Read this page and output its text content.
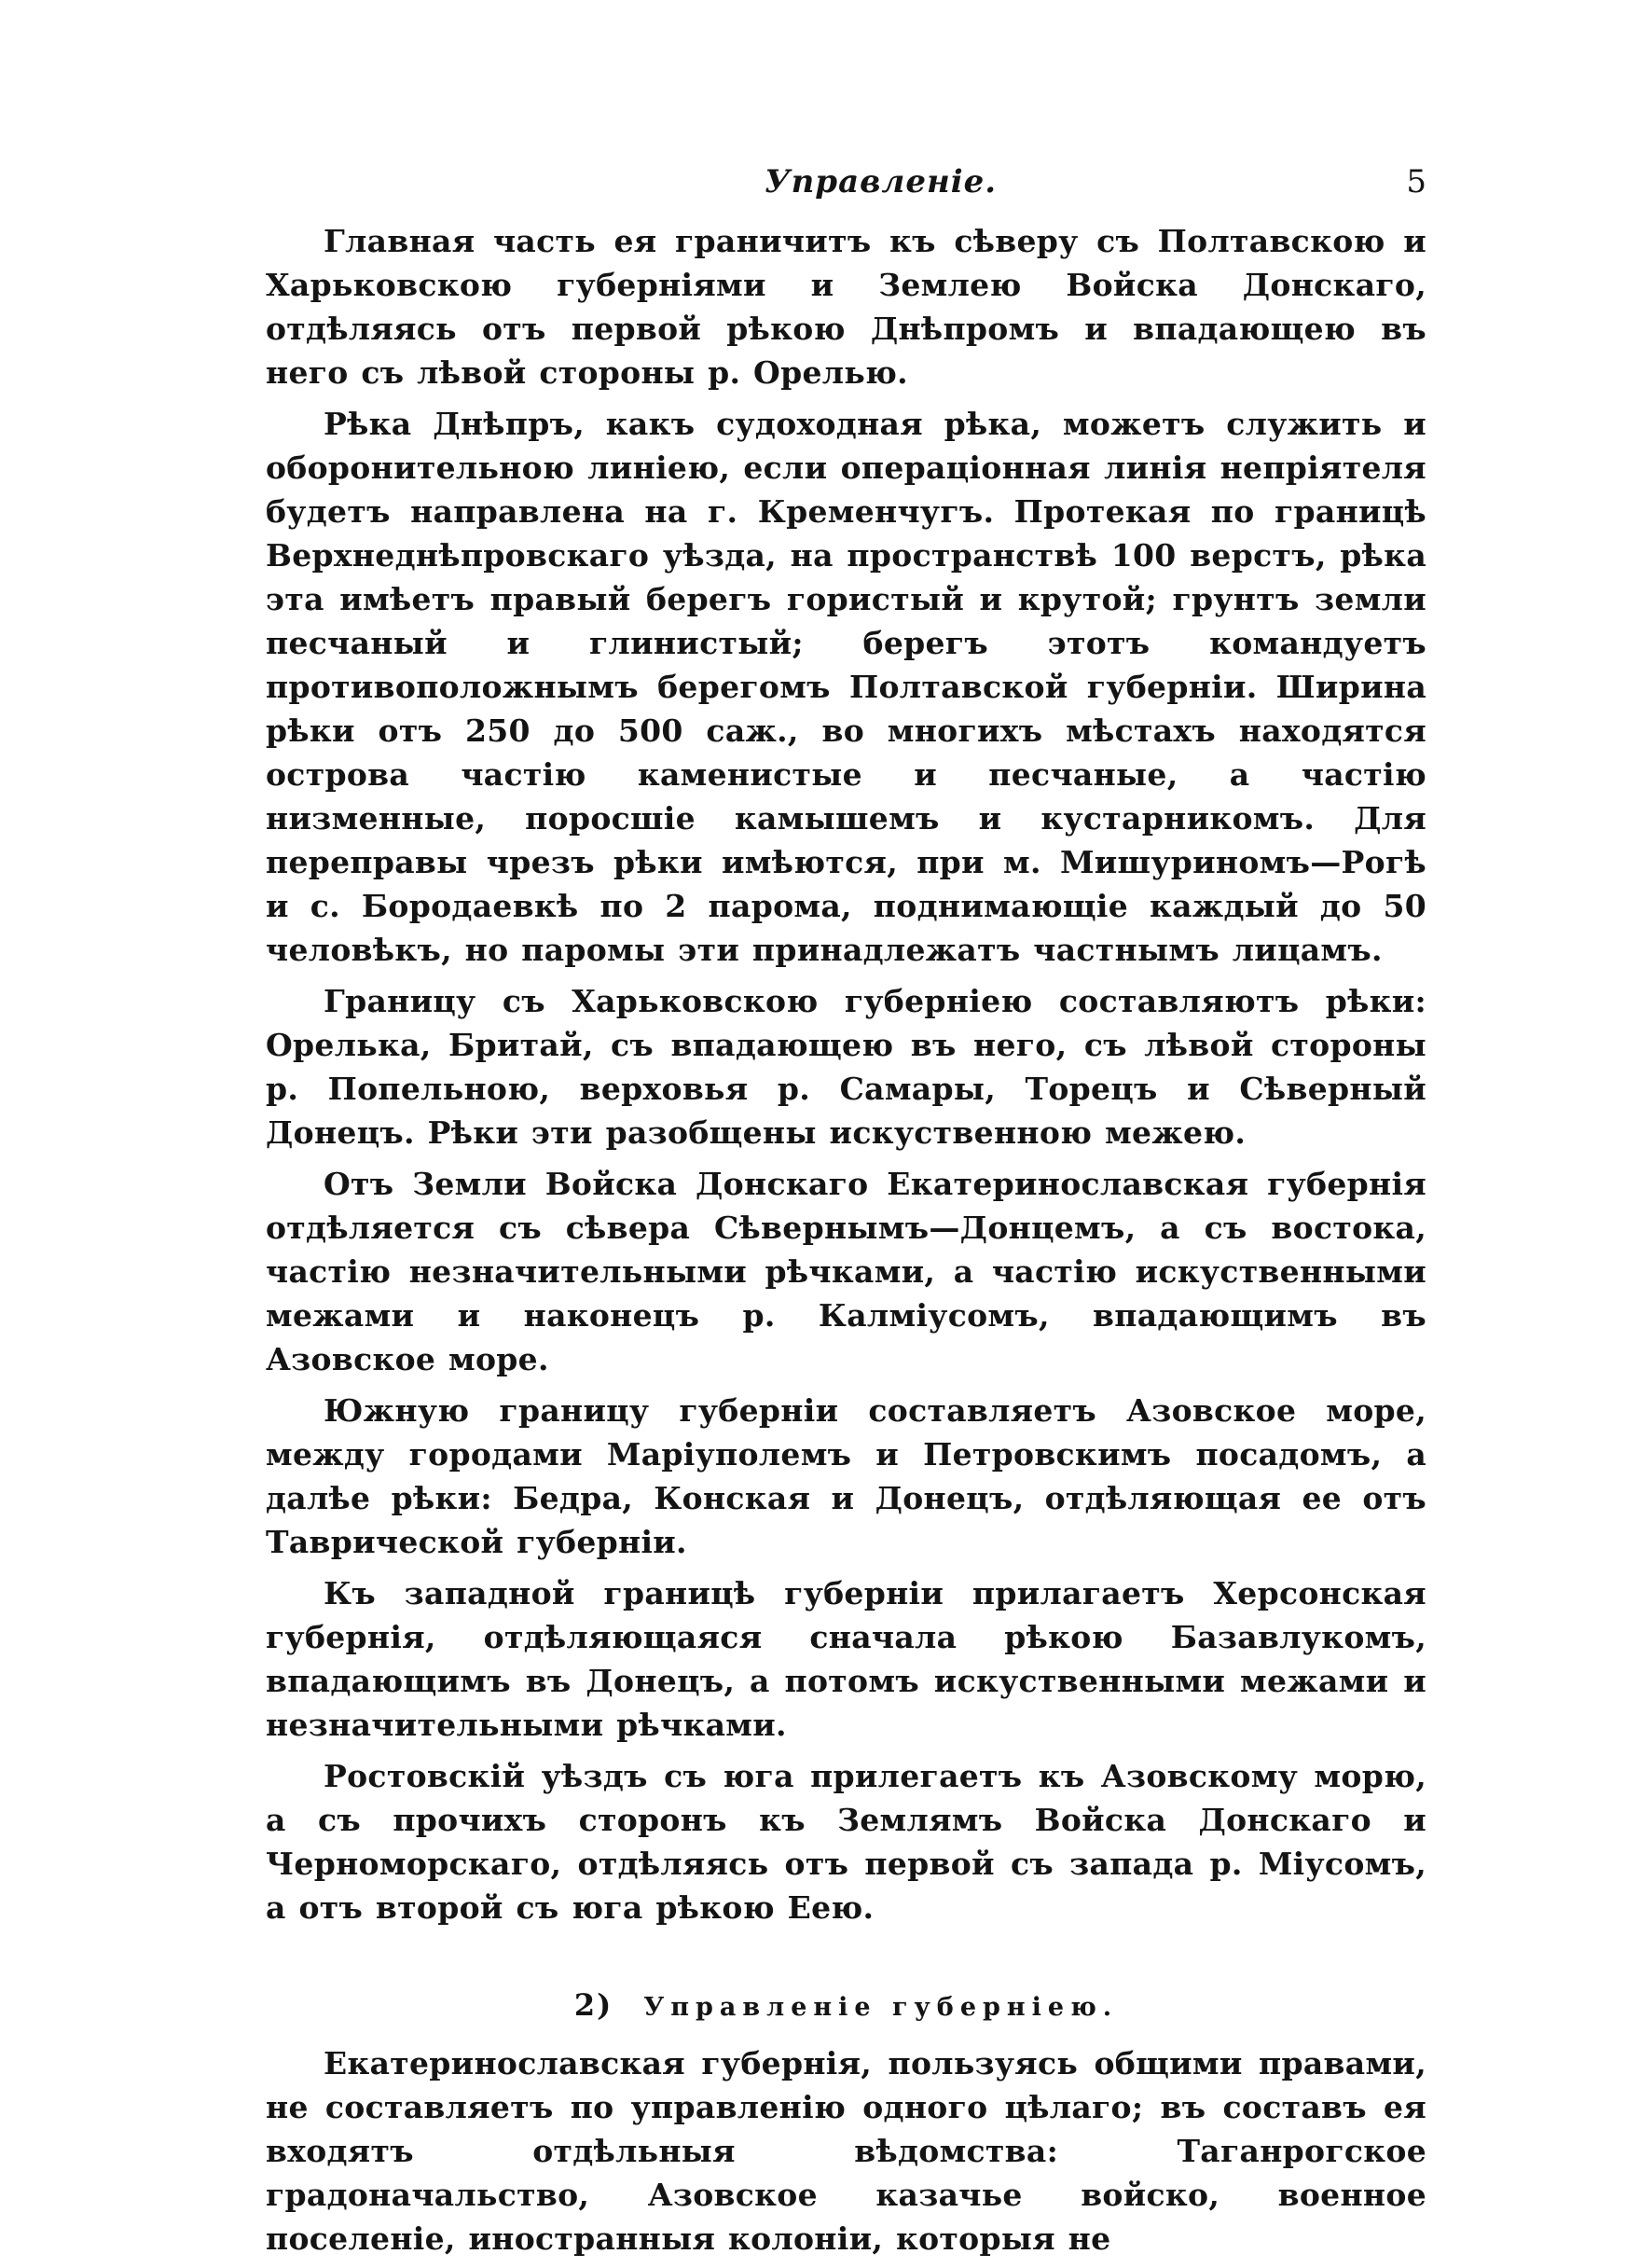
Управленіе.	5

Главная часть ея граничитъ къ сѣверу съ Полтавскою и Харьковскою губерніями и Землею Войска Донскаго, отдѣляясь отъ первой рѣкою Днѣпромъ и впадающею въ него съ лѣвой стороны р. Орелью.

Рѣка Днѣпръ, какъ судоходная рѣка, можетъ служить и оборонительною линіею, если операціонная линія непріятеля будетъ направлена на г. Кременчугъ. Протекая по границѣ Верхнеднѣпровскаго уѣзда, на пространствѣ 100 верстъ, рѣка эта имѣетъ правый берегъ гористый и крутой; грунтъ земли песчаный и глинистый; берегъ этотъ командуетъ противоположнымъ берегомъ Полтавской губерніи. Ширина рѣки отъ 250 до 500 саж., во многихъ мѣстахъ находятся острова частію каменистые и песчаные, а частію низменные, поросшіе камышемъ и кустарникомъ. Для переправы чрезъ рѣки имѣются, при м. Мишуриномъ—Рогѣ и с. Бородаевкѣ по 2 парома, поднимающіе каждый до 50 человѣкъ, но паромы эти принадлежатъ частнымъ лицамъ.

Границу съ Харьковскою губерніею составляютъ рѣки: Орелька, Бритай, съ впадающею въ него, съ лѣвой стороны р. Попельною, верховья р. Самары, Торецъ и Сѣверный Донецъ. Рѣки эти разобщены искуственною межею.

Отъ Земли Войска Донскаго Екатеринославская губернія отдѣляется съ сѣвера Сѣвернымъ—Донцемъ, а съ востока, частію незначительными рѣчками, а частію искуственными межами и наконецъ р. Калміусомъ, впадающимъ въ Азовское море.

Южную границу губерніи составляетъ Азовское море, между городами Маріуполемъ и Петровскимъ посадомъ, а далѣе рѣки: Бедра, Конская и Донецъ, отдѣляющая ее отъ Таврической губерніи.

Къ западной границѣ губерніи прилагаетъ Херсонская губернія, отдѣляющаяся сначала рѣкою Базавлукомъ, впадающимъ въ Донецъ, а потомъ искуственными межами и незначительными рѣчками.

Ростовскій уѣздъ съ юга прилегаетъ къ Азовскому морю, а съ прочихъ сторонъ къ Землямъ Войска Донскаго и Черноморскаго, отдѣляясь отъ первой съ запада р. Міусомъ, а отъ второй съ юга рѣкою Еею.

2) Управленіе губерніею.

Екатеринославская губернія, пользуясь общими правами, не составляетъ по управленію одного цѣлаго; въ составъ ея входятъ отдѣльныя вѣдомства: Таганрогское градоначальство, Азовское казачье войско, военное поселеніе, иностранныя колоніи, которыя не
